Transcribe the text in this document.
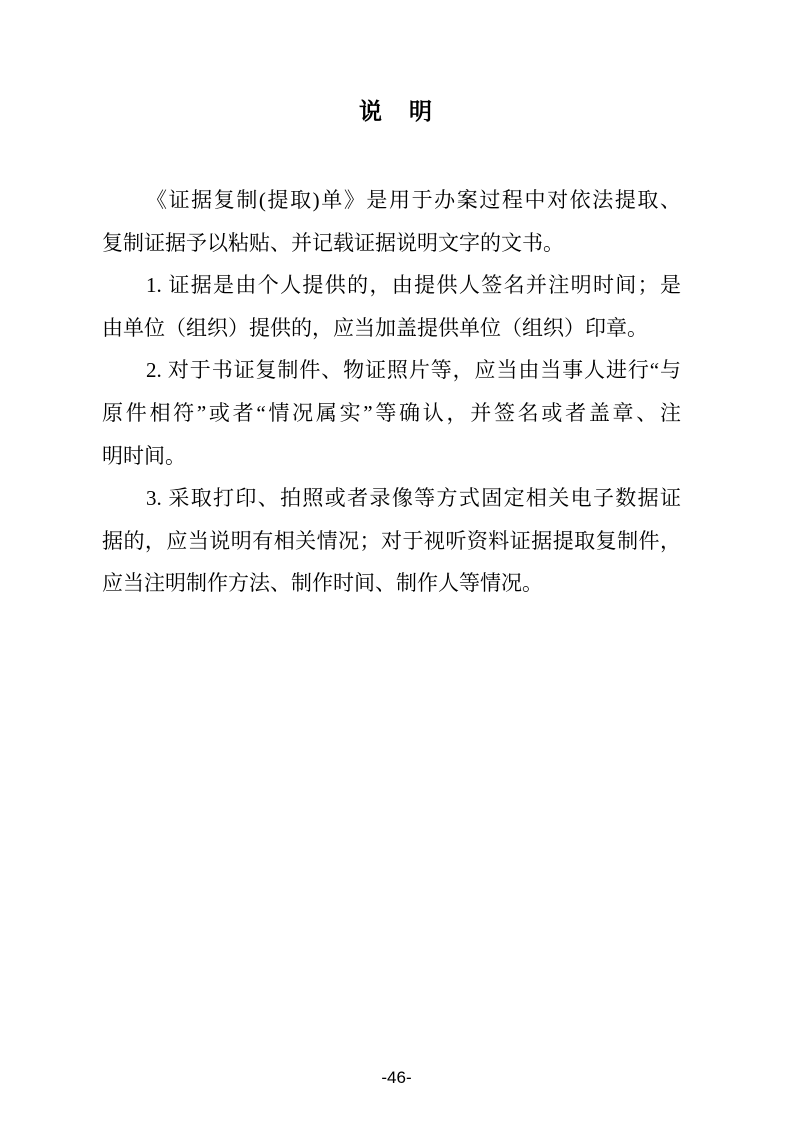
说　明

《证据复制(提取)单》是用于办案过程中对依法提取、
复制证据予以粘贴、并记载证据说明文字的文书。

1. 证据是由个人提供的，由提供人签名并注明时间；是
由单位（组织）提供的，应当加盖提供单位（组织）印章。

2. 对于书证复制件、物证照片等，应当由当事人进行“与
原件相符”或者“情况属实”等确认，并签名或者盖章、注
明时间。

3. 采取打印、拍照或者录像等方式固定相关电子数据证
据的，应当说明有相关情况；对于视听资料证据提取复制件，
应当注明制作方法、制作时间、制作人等情况。

-46-
